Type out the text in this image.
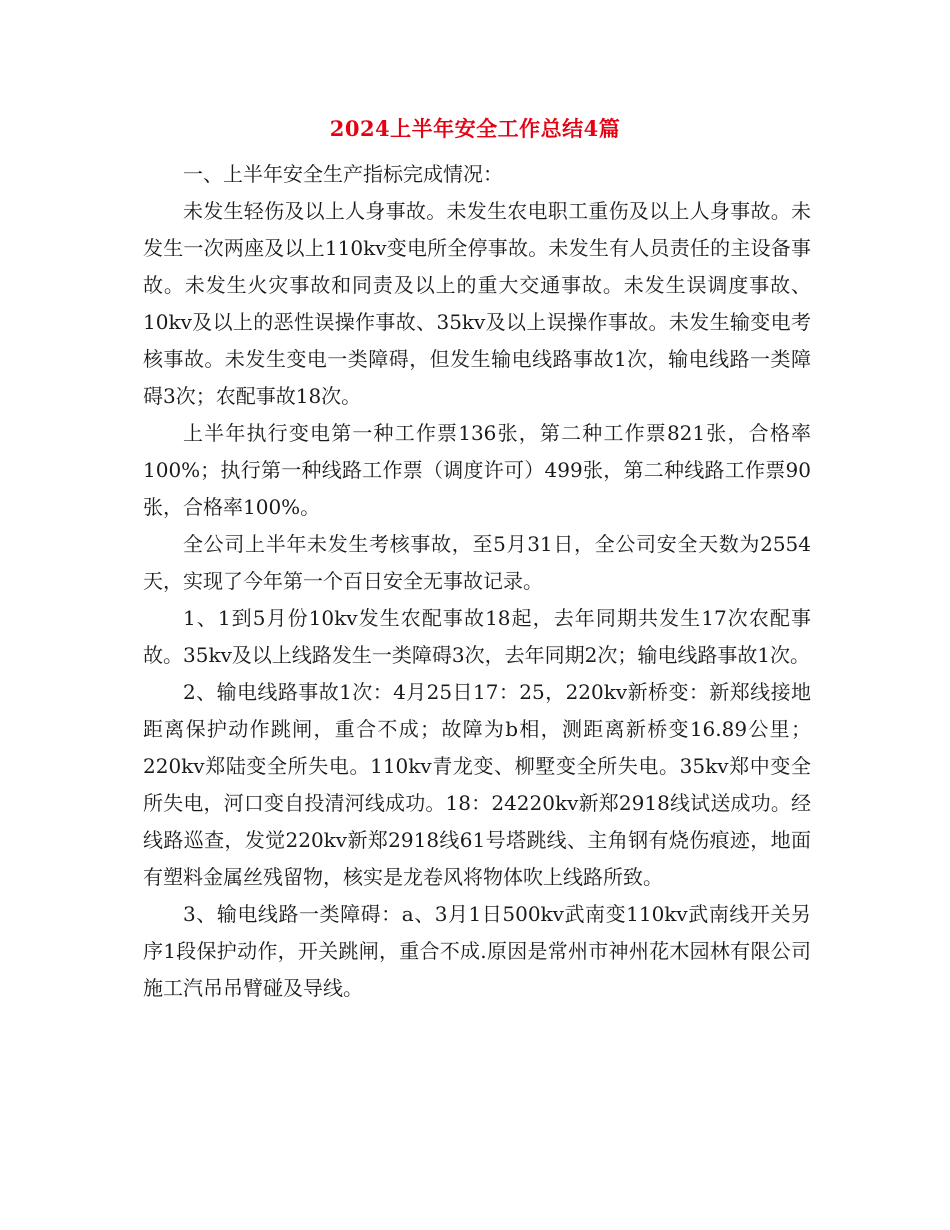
2024上半年安全工作总结4篇

一、上半年安全生产指标完成情况：

未发生轻伤及以上人身事故。未发生农电职工重伤及以上人身事故。未发生一次两座及以上110kv变电所全停事故。未发生有人员责任的主设备事故。未发生火灾事故和同责及以上的重大交通事故。未发生误调度事故、10kv及以上的恶性误操作事故、35kv及以上误操作事故。未发生输变电考核事故。未发生变电一类障碍，但发生输电线路事故1次，输电线路一类障碍3次；农配事故18次。

上半年执行变电第一种工作票136张，第二种工作票821张，合格率100%；执行第一种线路工作票（调度许可）499张，第二种线路工作票90张，合格率100%。

全公司上半年未发生考核事故，至5月31日，全公司安全天数为2554天，实现了今年第一个百日安全无事故记录。

1、1到5月份10kv发生农配事故18起，去年同期共发生17次农配事故。35kv及以上线路发生一类障碍3次，去年同期2次；输电线路事故1次。

2、输电线路事故1次：4月25日17：25，220kv新桥变：新郑线接地距离保护动作跳闸，重合不成；故障为b相，测距离新桥变16.89公里；220kv郑陆变全所失电。110kv青龙变、柳墅变全所失电。35kv郑中变全所失电，河口变自投清河线成功。18：24220kv新郑2918线试送成功。经线路巡查，发觉220kv新郑2918线61号塔跳线、主角钢有烧伤痕迹，地面有塑料金属丝残留物，核实是龙卷风将物体吹上线路所致。

3、输电线路一类障碍：a、3月1日500kv武南变110kv武南线开关另序1段保护动作，开关跳闸，重合不成.原因是常州市神州花木园林有限公司施工汽吊吊臂碰及导线。
